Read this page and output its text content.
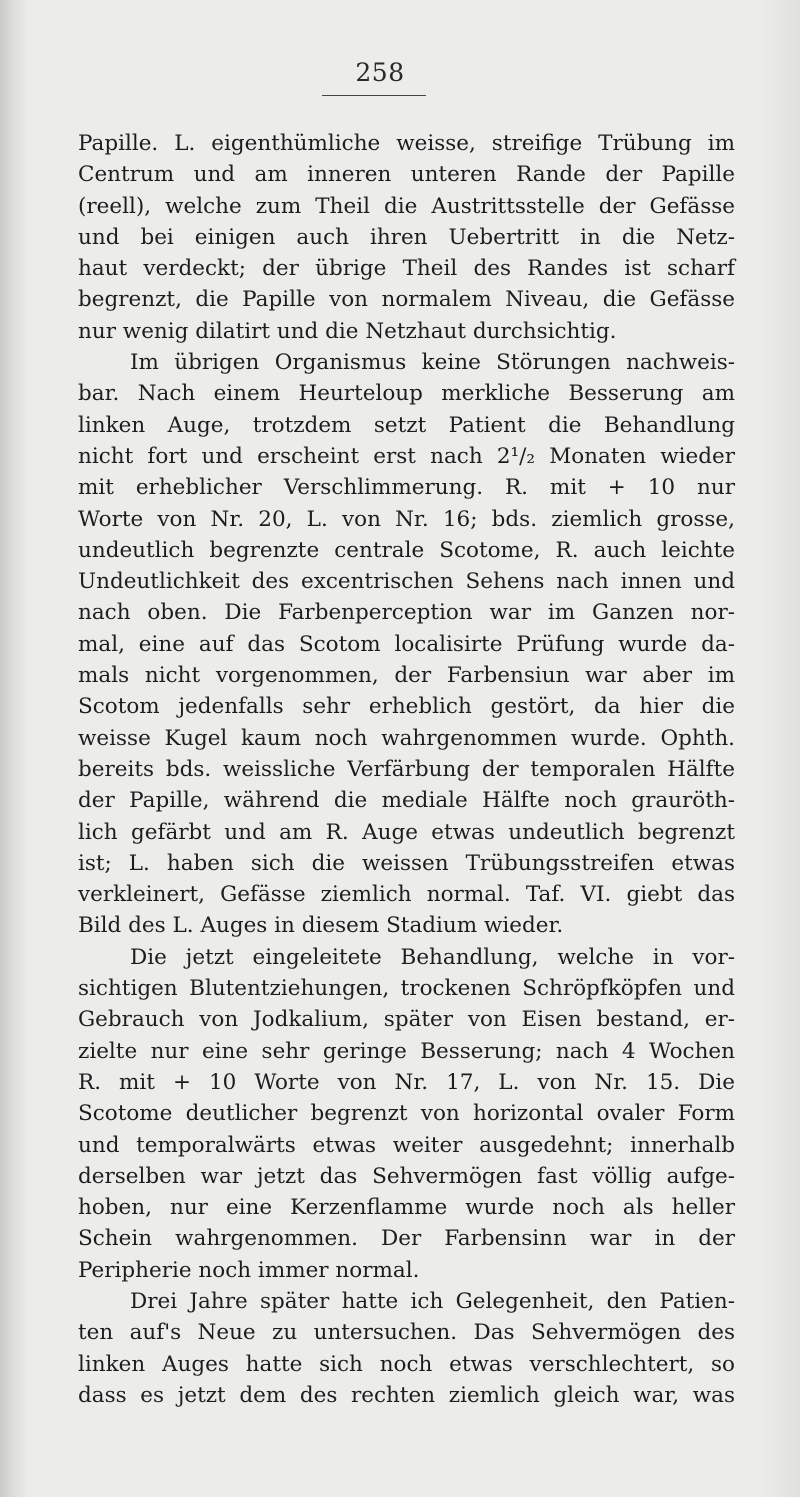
258
Papille. L. eigenthümliche weisse, streifige Trübung im
Centrum und am inneren unteren Rande der Papille
(reell), welche zum Theil die Austrittsstelle der Gefässe
und bei einigen auch ihren Uebertritt in die Netz-
haut verdeckt; der übrige Theil des Randes ist scharf
begrenzt, die Papille von normalem Niveau, die Gefässe
nur wenig dilatirt und die Netzhaut durchsichtig.
Im übrigen Organismus keine Störungen nachweis-
bar. Nach einem Heurteloup merkliche Besserung am
linken Auge, trotzdem setzt Patient die Behandlung
nicht fort und erscheint erst nach 2¹/₂ Monaten wieder
mit erheblicher Verschlimmerung. R. mit + 10 nur
Worte von Nr. 20, L. von Nr. 16; bds. ziemlich grosse,
undeutlich begrenzte centrale Scotome, R. auch leichte
Undeutlichkeit des excentrischen Sehens nach innen und
nach oben. Die Farbenperception war im Ganzen nor-
mal, eine auf das Scotom localisirte Prüfung wurde da-
mals nicht vorgenommen, der Farbensiun war aber im
Scotom jedenfalls sehr erheblich gestört, da hier die
weisse Kugel kaum noch wahrgenommen wurde. Ophth.
bereits bds. weissliche Verfärbung der temporalen Hälfte
der Papille, während die mediale Hälfte noch grauröth-
lich gefärbt und am R. Auge etwas undeutlich begrenzt
ist; L. haben sich die weissen Trübungsstreifen etwas
verkleinert, Gefässe ziemlich normal. Taf. VI. giebt das
Bild des L. Auges in diesem Stadium wieder.
Die jetzt eingeleitete Behandlung, welche in vor-
sichtigen Blutentziehungen, trockenen Schröpfköpfen und
Gebrauch von Jodkalium, später von Eisen bestand, er-
zielte nur eine sehr geringe Besserung; nach 4 Wochen
R. mit + 10 Worte von Nr. 17, L. von Nr. 15. Die
Scotome deutlicher begrenzt von horizontal ovaler Form
und temporalwärts etwas weiter ausgedehnt; innerhalb
derselben war jetzt das Sehvermögen fast völlig aufge-
hoben, nur eine Kerzenflamme wurde noch als heller
Schein wahrgenommen. Der Farbensinn war in der
Peripherie noch immer normal.
Drei Jahre später hatte ich Gelegenheit, den Patien-
ten auf's Neue zu untersuchen. Das Sehvermögen des
linken Auges hatte sich noch etwas verschlechtert, so
dass es jetzt dem des rechten ziemlich gleich war, was
